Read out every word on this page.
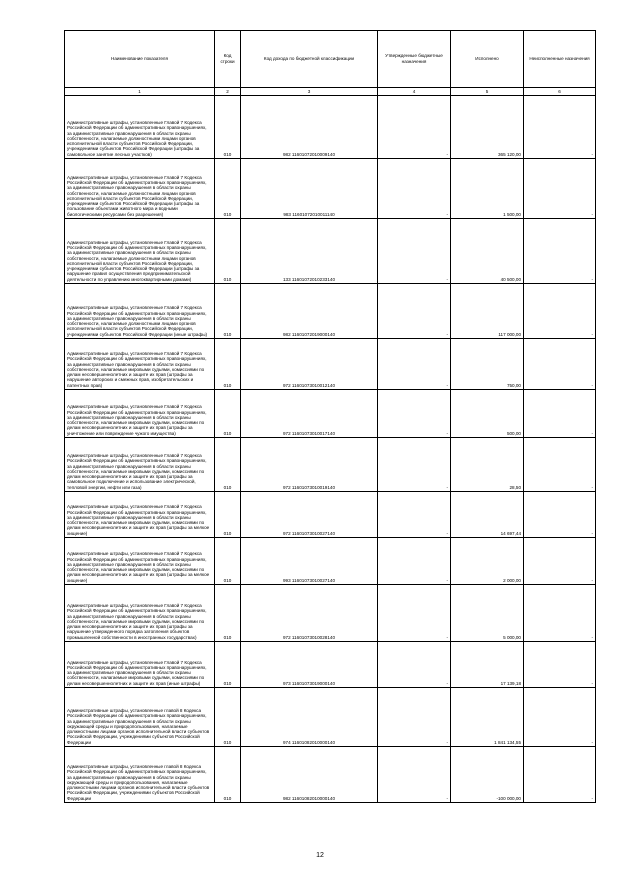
Наименование показателя	Код строки	Код дохода по бюджетной классификации	Утвержденные бюджетные назначения	Исполнено	Неисполненные назначения
1	2	3	4	5	6
Административные штрафы, установленные Главой 7 Кодекса Российской Федерации об административных правонарушениях, за административные правонарушения в области охраны собственности, налагаемые должностными лицами органов исполнительной власти субъектов Российской Федерации, учреждениями субъектов Российской Федерации (штрафы за самовольное занятие лесных участков)	010	982 11601072010009140	-	365 120,00	-
Административные штрафы, установленные Главой 7 Кодекса Российской Федерации об административных правонарушениях, за административные правонарушения в области охраны собственности, налагаемые должностными лицами органов исполнительной власти субъектов Российской Федерации, учреждениями субъектов Российской Федерации (штрафы за пользование объектами животного мира и водными биологическими ресурсами без разрешения)	010	983 11601072010011140	-	1 500,00	-
Административные штрафы, установленные Главой 7 Кодекса Российской Федерации об административных правонарушениях, за административные правонарушения в области охраны собственности, налагаемые должностными лицами органов исполнительной власти субъектов Российской Федерации, учреждениями субъектов Российской Федерации (штрафы за нарушение правил осуществления предпринимательской деятельности по управлению многоквартирными домами)	010	133 11601072010233140	-	40 500,00	-
Административные штрафы, установленные Главой 7 Кодекса Российской Федерации об административных правонарушениях, за административные правонарушения в области охраны собственности, налагаемые должностными лицами органов исполнительной власти субъектов Российской Федерации, учреждениями субъектов Российской Федерации (иные штрафы)	010	982 11601072019000140	-	117 000,00	-
Административные штрафы, установленные Главой 7 Кодекса Российской Федерации об административных правонарушениях, за административные правонарушения в области охраны собственности, налагаемые мировыми судьями, комиссиями по делам несовершеннолетних и защите их прав (штрафы за нарушение авторских и смежных прав, изобретательских и патентных прав)	010	972 11601073010012140	-	750,00	-
Административные штрафы, установленные Главой 7 Кодекса Российской Федерации об административных правонарушениях, за административные правонарушения в области охраны собственности, налагаемые мировыми судьями, комиссиями по делам несовершеннолетних и защите их прав (штрафы за уничтожение или повреждение чужого имущества)	010	972 11601073010017140	-	500,00	-
Административные штрафы, установленные Главой 7 Кодекса Российской Федерации об административных правонарушениях, за административные правонарушения в области охраны собственности, налагаемые мировыми судьями, комиссиями по делам несовершеннолетних и защите их прав (штрафы за самовольное подключение и использование электрической, тепловой энергии, нефти или газа)	010	972 11601073010019140	-	28,50	-
Административные штрафы, установленные Главой 7 Кодекса Российской Федерации об административных правонарушениях, за административные правонарушения в области охраны собственности, налагаемые мировыми судьями, комиссиями по делам несовершеннолетних и защите их прав (штрафы за мелкое хищение)	010	972 11601073010027140	-	14 697,44	-
Административные штрафы, установленные Главой 7 Кодекса Российской Федерации об административных правонарушениях, за административные правонарушения в области охраны собственности, налагаемые мировыми судьями, комиссиями по делам несовершеннолетних и защите их прав (штрафы за мелкое хищение)	010	993 11601073010027140	-	2 000,00	-
Административные штрафы, установленные Главой 7 Кодекса Российской Федерации об административных правонарушениях, за административные правонарушения в области охраны собственности, налагаемые мировыми судьями, комиссиями по делам несовершеннолетних и защите их прав (штрафы за нарушение утвержденного порядка затопления объектов промышленной собственности в иностранных государствах)	010	972 11601073010028140	-	5 000,00	-
Административные штрафы, установленные Главой 7 Кодекса Российской Федерации об административных правонарушениях, за административные правонарушения в области охраны собственности, налагаемые мировыми судьями, комиссиями по делам несовершеннолетних и защите их прав (иные штрафы)	010	973 11601073019000140	-	17 139,18	-
Административные штрафы, установленные главой 8 Кодекса Российской Федерации об административных правонарушениях, за административные правонарушения в области охраны окружающей среды и природопользования, налагаемые должностными лицами органов исполнительной власти субъектов Российской Федерации, учреждениями субъектов Российской Федерации	010	974 11601082010000140	-	1 841 134,55	-
Административные штрафы, установленные главой 8 Кодекса Российской Федерации об административных правонарушениях, за административные правонарушения в области охраны окружающей среды и природопользования, налагаемые должностными лицами органов исполнительной власти субъектов Российской Федерации, учреждениями субъектов Российской Федерации	010	982 11601082010000140	-	-100 000,00	-
12
